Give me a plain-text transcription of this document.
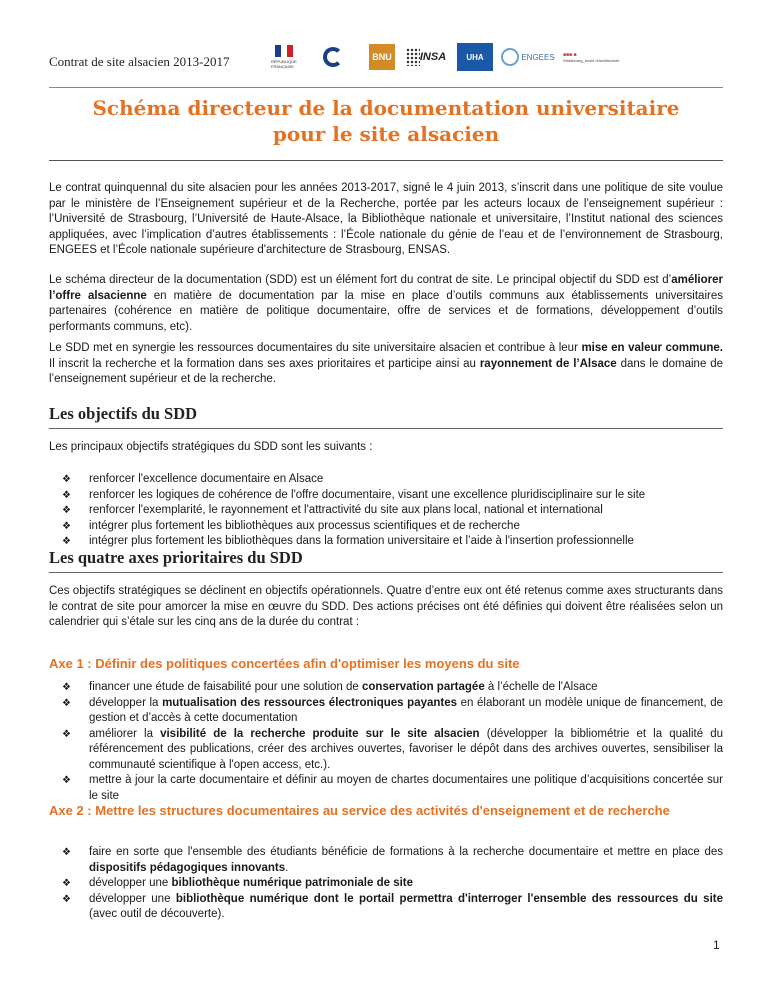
Contrat de site alsacien 2013-2017	RÉPUBLIQUE FRANÇAISE
BNU	INSA	UHA	ENGEES ■■■ ■
Strasbourg_école d'architecture
Schéma directeur de la documentation universitaire
pour le site alsacien

Le contrat quinquennal du site alsacien pour les années 2013-2017, signé le 4 juin 2013, s’inscrit dans une politique de site voulue par le ministère de l’Enseignement supérieur et de la Recherche, portée par les acteurs locaux de l’enseignement supérieur : l’Université de Strasbourg, l’Université de Haute-Alsace, la Bibliothèque nationale et universitaire, l’Institut national des sciences appliquées, avec l’implication d’autres établissements : l’École nationale du génie de l’eau et de l’environnement de Strasbourg, ENGEES et l’École nationale supérieure d'architecture de Strasbourg, ENSAS.

Le schéma directeur de la documentation (SDD) est un élément fort du contrat de site. Le principal objectif du SDD est d’améliorer l’offre alsacienne en matière de documentation par la mise en place d’outils communs aux établissements universitaires partenaires (cohérence en matière de politique documentaire, offre de services et de formations, développement d’outils performants communs, etc).

Le SDD met en synergie les ressources documentaires du site universitaire alsacien et contribue à leur mise en valeur commune. Il inscrit la recherche et la formation dans ses axes prioritaires et participe ainsi au rayonnement de l’Alsace dans le domaine de l’enseignement supérieur et de la recherche.

Les objectifs du SDD

Les principaux objectifs stratégiques du SDD sont les suivants :

❖ renforcer l'excellence documentaire en Alsace
❖ renforcer les logiques de cohérence de l'offre documentaire, visant une excellence pluridisciplinaire sur le site
❖ renforcer l'exemplarité, le rayonnement et l'attractivité du site aux plans local, national et international
❖ intégrer plus fortement les bibliothèques aux processus scientifiques et de recherche
❖ intégrer plus fortement les bibliothèques dans la formation universitaire et l’aide à l'insertion professionnelle
Les quatre axes prioritaires du SDD

Ces objectifs stratégiques se déclinent en objectifs opérationnels. Quatre d’entre eux ont été retenus comme axes structurants dans le contrat de site pour amorcer la mise en œuvre du SDD. Des actions précises ont été définies qui doivent être réalisées selon un calendrier qui s’étale sur les cinq ans de la durée du contrat :

Axe 1 : Définir des politiques concertées afin d'optimiser les moyens du site
❖ financer une étude de faisabilité pour une solution de conservation partagée à l’échelle de l'Alsace
❖ développer la mutualisation des ressources électroniques payantes en élaborant un modèle unique de financement, de gestion et d’accès à cette documentation
❖ améliorer la visibilité de la recherche produite sur le site alsacien (développer la bibliométrie et la qualité du référencement des publications, créer des archives ouvertes, favoriser le dépôt dans des archives ouvertes, sensibiliser la communauté scientifique à l'open access, etc.).
❖ mettre à jour la carte documentaire et définir au moyen de chartes documentaires une politique d’acquisitions concertée sur le site
Axe 2 : Mettre les structures documentaires au service des activités d'enseignement et de recherche
❖ faire en sorte que l'ensemble des étudiants bénéficie de formations à la recherche documentaire et mettre en place des dispositifs pédagogiques innovants.
❖ développer une bibliothèque numérique patrimoniale de site
❖ développer une bibliothèque numérique dont le portail permettra d'interroger l'ensemble des ressources du site (avec outil de découverte).
1
